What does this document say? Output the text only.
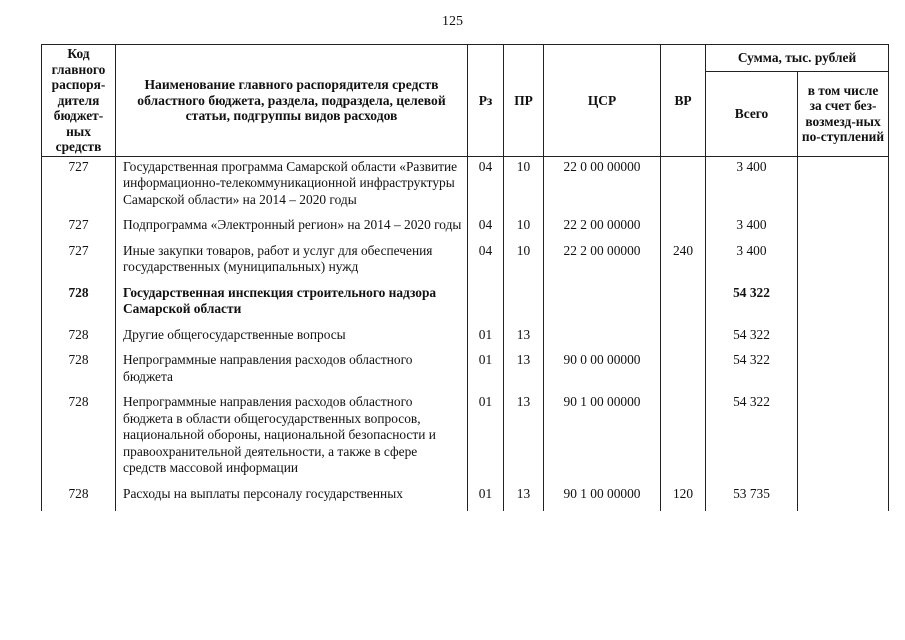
125
Код главного распоря-дителя бюджет-ных средств	Наименование главного распорядителя средств областного бюджета, раздела, подраздела, целевой статьи, подгруппы видов расходов	Рз	ПР	ЦСР	ВР	Сумма, тыс. рублей	
						Всего	в том числе за счет без-возмезд-ных по-ступлений
727	Государственная программа Самарской области «Развитие информационно-телекоммуникационной инфраструктуры Самарской области» на 2014 – 2020 годы	04	10	22 0 00 00000		3 400	
727	Подпрограмма «Электронный регион» на 2014 – 2020 годы	04	10	22 2 00 00000		3 400	
727	Иные закупки товаров, работ и услуг для обеспечения государственных (муниципальных) нужд	04	10	22 2 00 00000	240	3 400	
728	Государственная инспекция строительного надзора Самарской области					54 322	
728	Другие общегосударственные вопросы	01	13			54 322	
728	Непрограммные направления расходов областного бюджета	01	13	90 0 00 00000		54 322	
728	Непрограммные направления расходов областного бюджета в области общегосударственных вопросов, национальной обороны, национальной безопасности и правоохранительной деятельности, а также в сфере средств массовой информации	01	13	90 1 00 00000		54 322	
728	Расходы на выплаты персоналу государственных	01	13	90 1 00 00000	120	53 735	
